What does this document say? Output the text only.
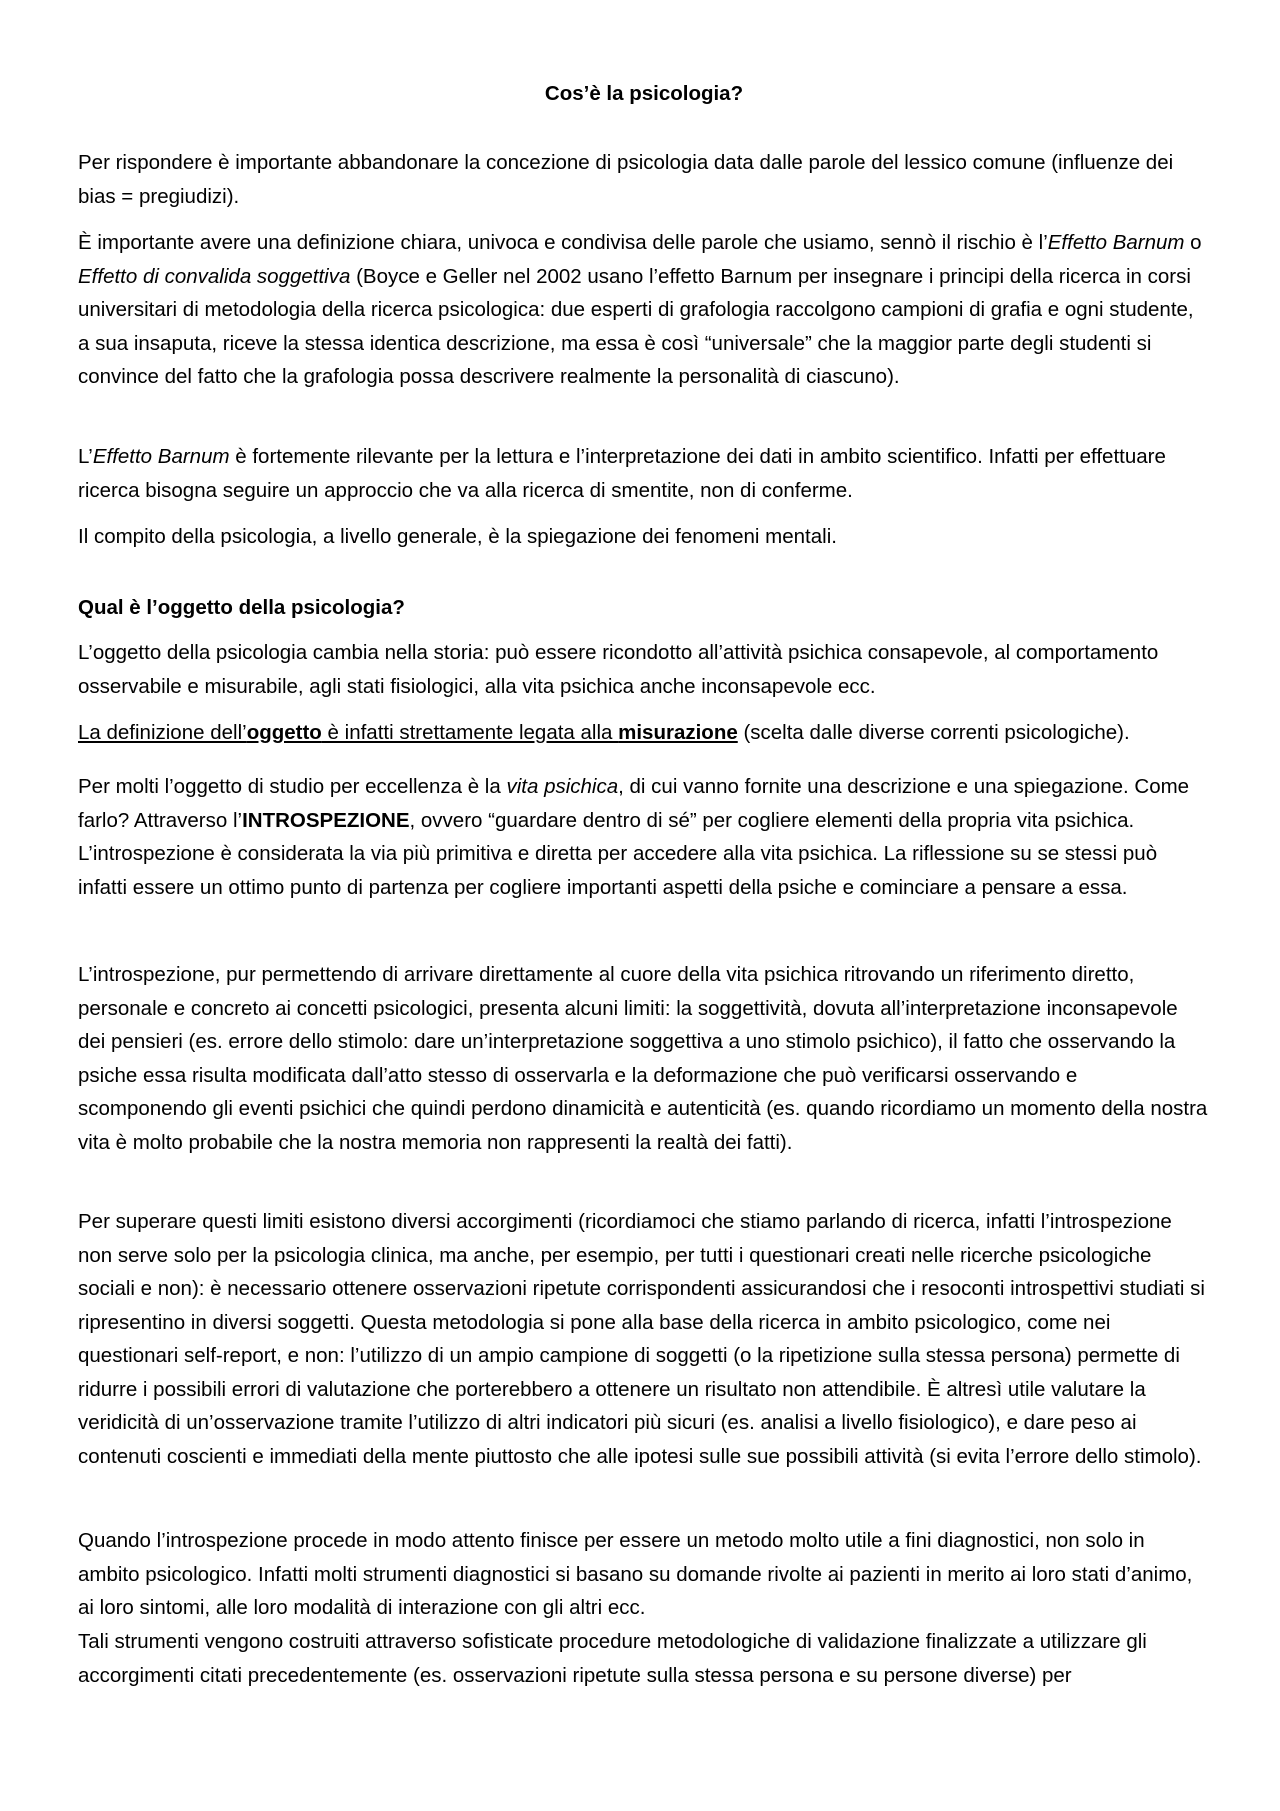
Cos’è la psicologia?
Per rispondere è importante abbandonare la concezione di psicologia data dalle parole del lessico comune (influenze dei bias = pregiudizi).
È importante avere una definizione chiara, univoca e condivisa delle parole che usiamo, sennò il rischio è l’Effetto Barnum o Effetto di convalida soggettiva (Boyce e Geller nel 2002 usano l’effetto Barnum per insegnare i principi della ricerca in corsi universitari di metodologia della ricerca psicologica: due esperti di grafologia raccolgono campioni di grafia e ogni studente, a sua insaputa, riceve la stessa identica descrizione, ma essa è così “universale” che la maggior parte degli studenti si convince del fatto che la grafologia possa descrivere realmente la personalità di ciascuno).
L’Effetto Barnum è fortemente rilevante per la lettura e l’interpretazione dei dati in ambito scientifico. Infatti per effettuare ricerca bisogna seguire un approccio che va alla ricerca di smentite, non di conferme.
Il compito della psicologia, a livello generale, è la spiegazione dei fenomeni mentali.
Qual è l’oggetto della psicologia?
L’oggetto della psicologia cambia nella storia: può essere ricondotto all’attività psichica consapevole, al comportamento osservabile e misurabile, agli stati fisiologici, alla vita psichica anche inconsapevole ecc.
La definizione dell’oggetto è infatti strettamente legata alla misurazione (scelta dalle diverse correnti psicologiche).
Per molti l’oggetto di studio per eccellenza è la vita psichica, di cui vanno fornite una descrizione e una spiegazione. Come farlo? Attraverso l’INTROSPEZIONE, ovvero “guardare dentro di sé” per cogliere elementi della propria vita psichica. L’introspezione è considerata la via più primitiva e diretta per accedere alla vita psichica. La riflessione su se stessi può infatti essere un ottimo punto di partenza per cogliere importanti aspetti della psiche e cominciare a pensare a essa.
L’introspezione, pur permettendo di arrivare direttamente al cuore della vita psichica ritrovando un riferimento diretto, personale e concreto ai concetti psicologici, presenta alcuni limiti: la soggettività, dovuta all’interpretazione inconsapevole dei pensieri (es. errore dello stimolo: dare un’interpretazione soggettiva a uno stimolo psichico), il fatto che osservando la psiche essa risulta modificata dall’atto stesso di osservarla e la deformazione che può verificarsi osservando e scomponendo gli eventi psichici che quindi perdono dinamicità e autenticità (es. quando ricordiamo un momento della nostra vita è molto probabile che la nostra memoria non rappresenti la realtà dei fatti).
Per superare questi limiti esistono diversi accorgimenti (ricordiamoci che stiamo parlando di ricerca, infatti l’introspezione non serve solo per la psicologia clinica, ma anche, per esempio, per tutti i questionari creati nelle ricerche psicologiche sociali e non): è necessario ottenere osservazioni ripetute corrispondenti assicurandosi che i resoconti introspettivi studiati si ripresentino in diversi soggetti. Questa metodologia si pone alla base della ricerca in ambito psicologico, come nei questionari self-report, e non: l’utilizzo di un ampio campione di soggetti (o la ripetizione sulla stessa persona) permette di ridurre i possibili errori di valutazione che porterebbero a ottenere un risultato non attendibile. È altresì utile valutare la veridicità di un’osservazione tramite l’utilizzo di altri indicatori più sicuri (es. analisi a livello fisiologico), e dare peso ai contenuti coscienti e immediati della mente piuttosto che alle ipotesi sulle sue possibili attività (si evita l’errore dello stimolo).
Quando l’introspezione procede in modo attento finisce per essere un metodo molto utile a fini diagnostici, non solo in ambito psicologico. Infatti molti strumenti diagnostici si basano su domande rivolte ai pazienti in merito ai loro stati d’animo, ai loro sintomi, alle loro modalità di interazione con gli altri ecc.
Tali strumenti vengono costruiti attraverso sofisticate procedure metodologiche di validazione finalizzate a utilizzare gli accorgimenti citati precedentemente (es. osservazioni ripetute sulla stessa persona e su persone diverse) per
